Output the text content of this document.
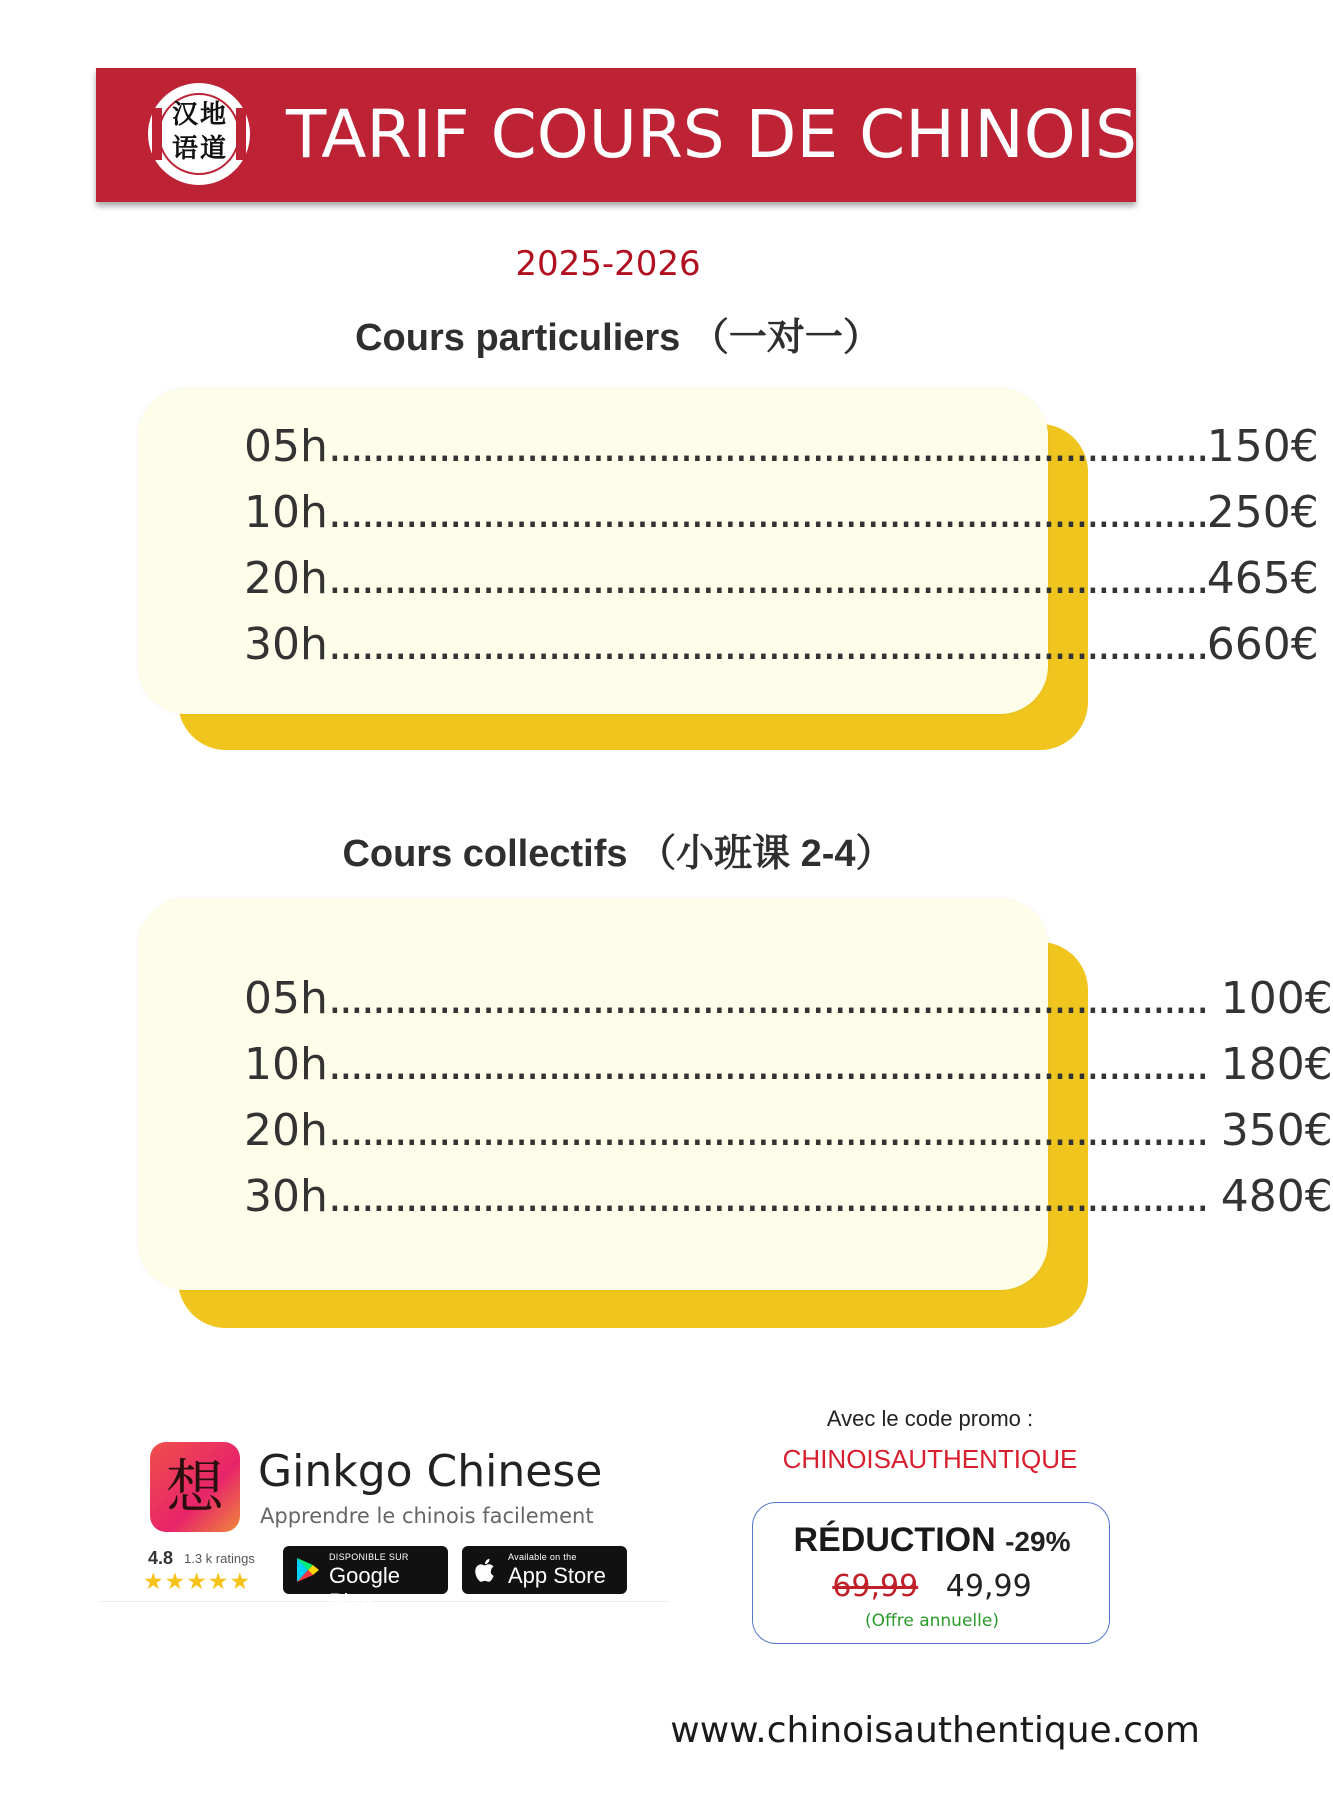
汉地
语道 TARIF COURS DE CHINOIS
2025-2026
Cours particuliers （一对一）
05h ................................................................................ 150€
10h ................................................................................ 250€
20h ................................................................................ 465€
30h ................................................................................ 660€
Cours collectifs （小班课 2-4）
05h ................................................................................ 100€
10h ................................................................................ 180€
20h ................................................................................ 350€
30h ................................................................................ 480€
想 Ginkgo Chinese
Apprendre le chinois facilement
4.8 1.3 k ratings
★★★★★
DISPONIBLE SUR
Google Play
Available on the
App Store
Avec le code promo :
CHINOISAUTHENTIQUE
RÉDUCTION -29%
69,99 49,99
(Offre annuelle)
www.chinoisauthentique.com
